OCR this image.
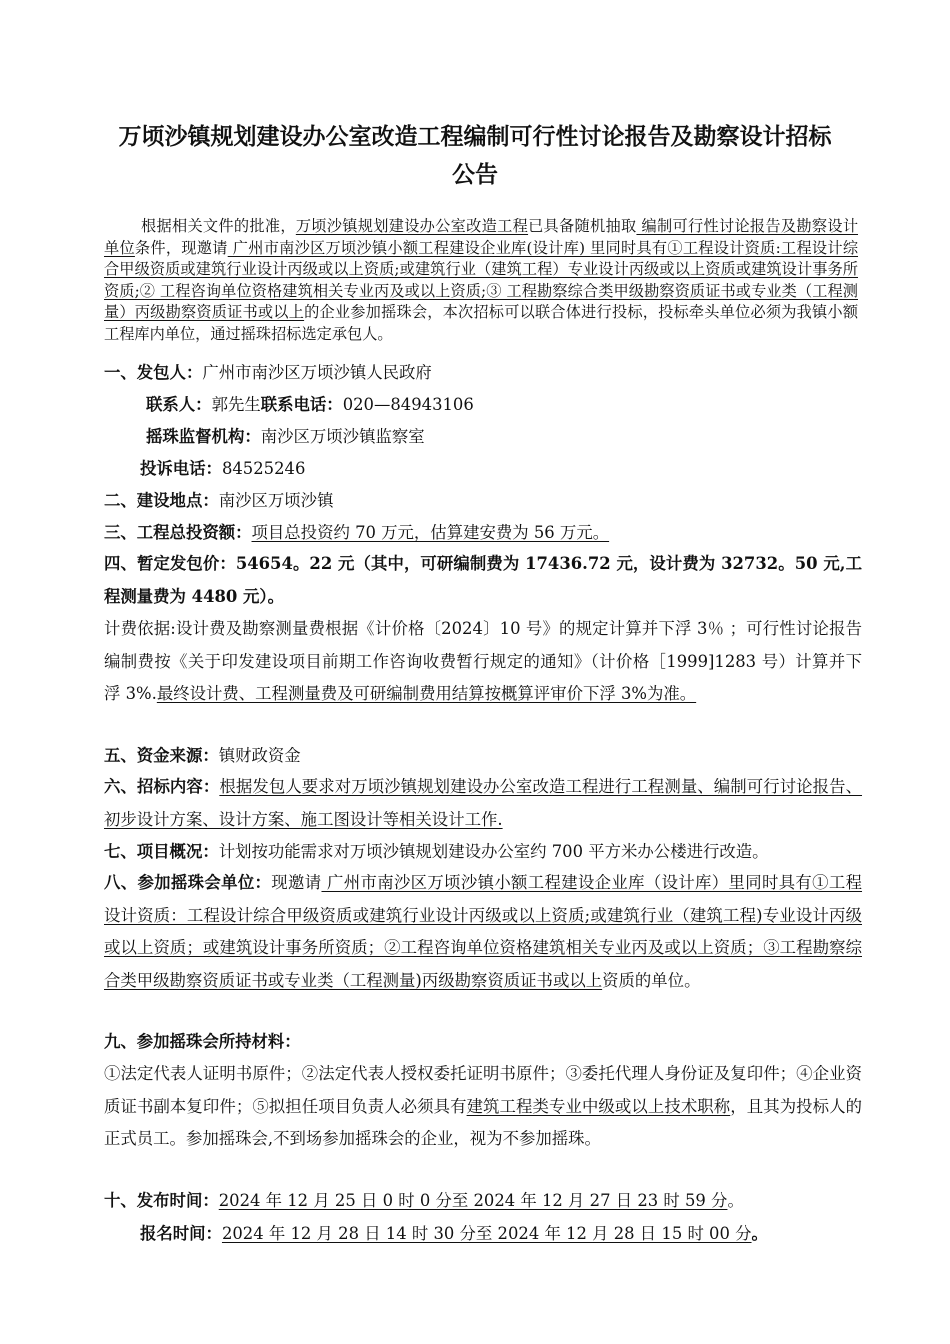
万顷沙镇规划建设办公室改造工程编制可行性讨论报告及勘察设计招标
公告
根据相关文件的批准，万顷沙镇规划建设办公室改造工程已具备随机抽取 编制可行性讨论报告及勘察设计单位条件，现邀请 广州市南沙区万顷沙镇小额工程建设企业库(设计库) 里同时具有①工程设计资质:工程设计综合甲级资质或建筑行业设计丙级或以上资质;或建筑行业（建筑工程）专业设计丙级或以上资质或建筑设计事务所资质;② 工程咨询单位资格建筑相关专业丙及或以上资质;③ 工程勘察综合类甲级勘察资质证书或专业类（工程测量）丙级勘察资质证书或以上的企业参加摇珠会，本次招标可以联合体进行投标，投标牵头单位必须为我镇小额工程库内单位，通过摇珠招标选定承包人。
一、发包人：广州市南沙区万顷沙镇人民政府
联系人：郭先生联系电话：020—84943106
摇珠监督机构：南沙区万顷沙镇监察室
投诉电话：84525246
二、建设地点：南沙区万顷沙镇
三、工程总投资额：项目总投资约 70 万元，估算建安费为 56 万元。
四、暂定发包价：54654。22 元（其中，可研编制费为 17436.72 元，设计费为 32732。50 元,工程测量费为 4480 元）。
计费依据:设计费及勘察测量费根据《计价格〔2024〕10 号》的规定计算并下浮 3％ ；可行性讨论报告编制费按《关于印发建设项目前期工作咨询收费暂行规定的通知》（计价格［1999]1283 号）计算并下浮 3%.最终设计费、工程测量费及可研编制费用结算按概算评审价下浮 3%为准。
五、资金来源：镇财政资金
六、招标内容：根据发包人要求对万顷沙镇规划建设办公室改造工程进行工程测量、编制可行讨论报告、初步设计方案、设计方案、施工图设计等相关设计工作.
七、项目概况：计划按功能需求对万顷沙镇规划建设办公室约 700 平方米办公楼进行改造。
八、参加摇珠会单位：现邀请 广州市南沙区万顷沙镇小额工程建设企业库（设计库）里同时具有①工程设计资质：工程设计综合甲级资质或建筑行业设计丙级或以上资质;或建筑行业（建筑工程)专业设计丙级或以上资质；或建筑设计事务所资质；②工程咨询单位资格建筑相关专业丙及或以上资质；③工程勘察综合类甲级勘察资质证书或专业类（工程测量)丙级勘察资质证书或以上资质的单位。
九、参加摇珠会所持材料：
①法定代表人证明书原件；②法定代表人授权委托证明书原件；③委托代理人身份证及复印件；④企业资质证书副本复印件；⑤拟担任项目负责人必须具有建筑工程类专业中级或以上技术职称，且其为投标人的正式员工。参加摇珠会,不到场参加摇珠会的企业，视为不参加摇珠。
十、发布时间：2024 年 12 月 25 日 0 时 0 分至 2024 年 12 月 27 日 23 时 59 分。
报名时间：2024 年 12 月 28 日 14 时 30 分至 2024 年 12 月 28 日 15 时 00 分。
